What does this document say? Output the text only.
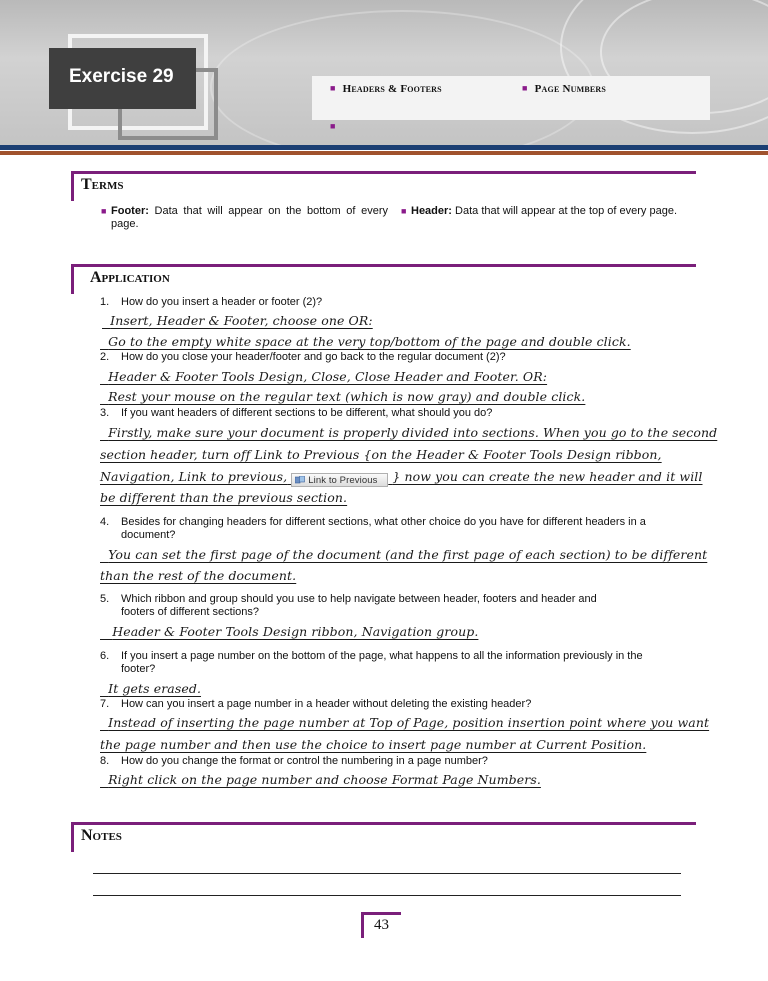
Exercise 29
■ Headers & Footers	■ Page Numbers
■
Terms
■ Footer: Data that will appear on the bottom of every page.
■ Header: Data that will appear at the top of every page.
Application
1. How do you insert a header or footer (2)?
Insert, Header & Footer, choose one OR:
Go to the empty white space at the very top/bottom of the page and double click.
2. How do you close your header/footer and go back to the regular document (2)?
Header & Footer Tools Design, Close, Close Header and Footer. OR:
Rest your mouse on the regular text (which is now gray) and double click.
3. If you want headers of different sections to be different, what should you do?
Firstly, make sure your document is properly divided into sections. When you go to the second
section header, turn off Link to Previous {on the Header & Footer Tools Design ribbon,
Navigation, Link to previous, Link to Previous } now you can create the new header and it will
be different than the previous section.
4. Besides for changing headers for different sections, what other choice do you have for different headers in a document?
You can set the first page of the document (and the first page of each section) to be different
than the rest of the document.
5. Which ribbon and group should you use to help navigate between header, footers and header and footers of different sections?
Header & Footer Tools Design ribbon, Navigation group.
6. If you insert a page number on the bottom of the page, what happens to all the information previously in the footer?
It gets erased.
7. How can you insert a page number in a header without deleting the existing header?
Instead of inserting the page number at Top of Page, position insertion point where you want
the page number and then use the choice to insert page number at Current Position.
8. How do you change the format or control the numbering in a page number?
Right click on the page number and choose Format Page Numbers.
Notes
43
